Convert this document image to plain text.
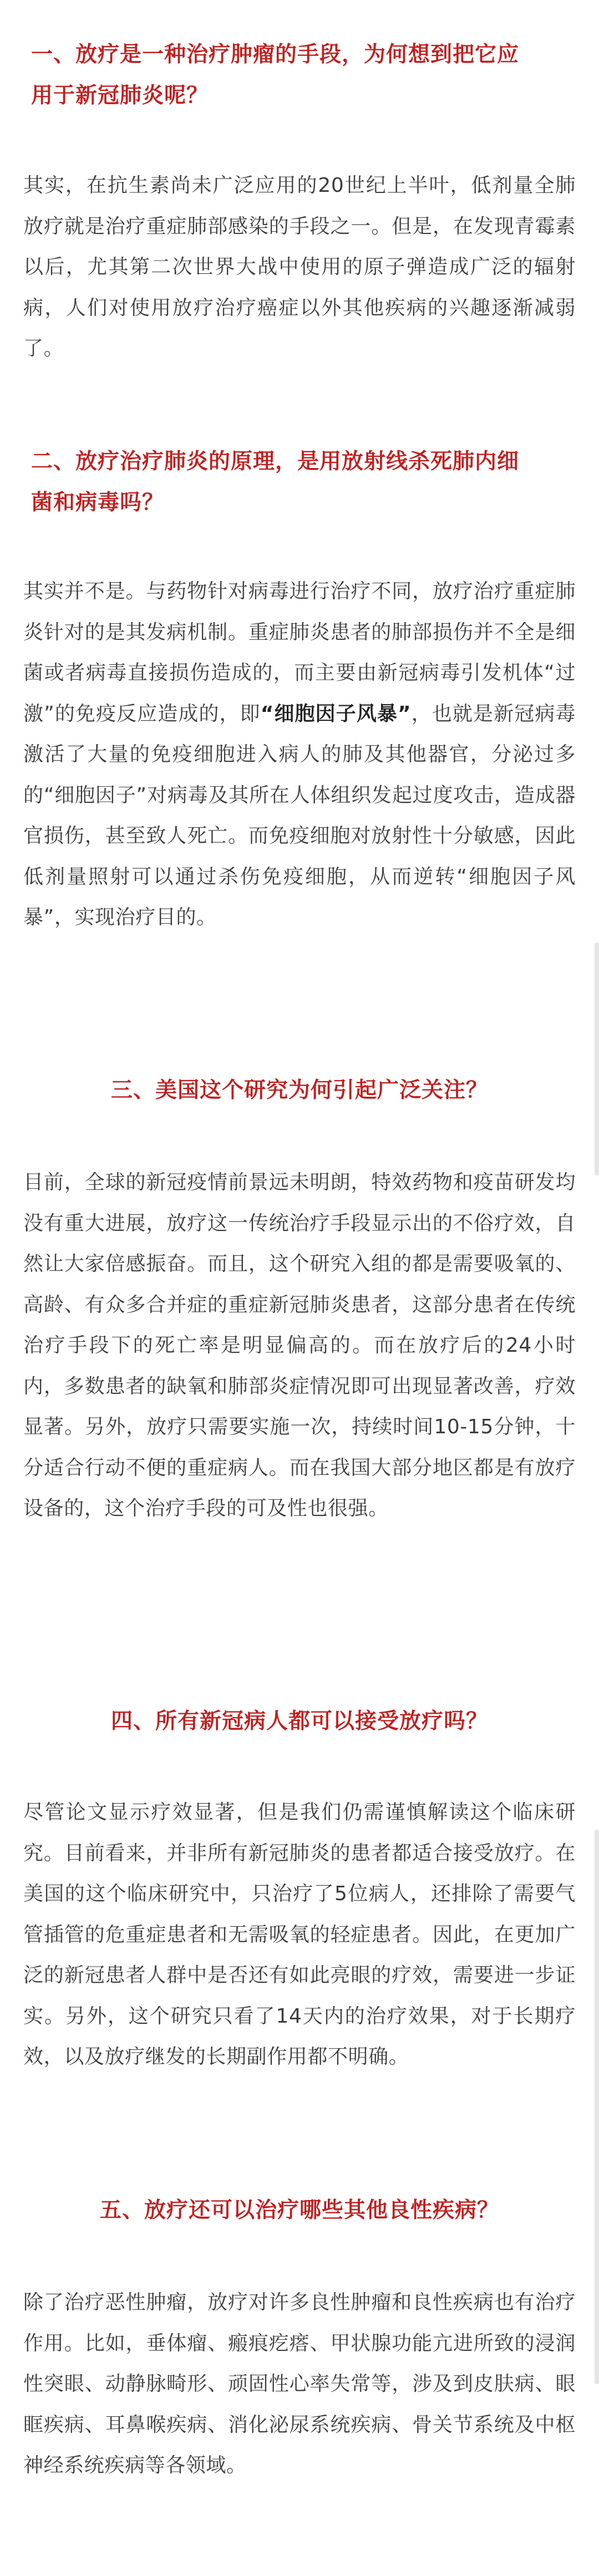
一、放疗是一种治疗肿瘤的手段，为何想到把它应
用于新冠肺炎呢？

其实，在抗生素尚未广泛应用的20世纪上半叶，低剂量全肺放疗就是治疗重症肺部感染的手段之一。但是，在发现青霉素以后，尤其第二次世界大战中使用的原子弹造成广泛的辐射病，人们对使用放疗治疗癌症以外其他疾病的兴趣逐渐减弱了。

二、放疗治疗肺炎的原理，是用放射线杀死肺内细
菌和病毒吗？

其实并不是。与药物针对病毒进行治疗不同，放疗治疗重症肺炎针对的是其发病机制。重症肺炎患者的肺部损伤并不全是细菌或者病毒直接损伤造成的，而主要由新冠病毒引发机体“过激”的免疫反应造成的，即“细胞因子风暴”，也就是新冠病毒激活了大量的免疫细胞进入病人的肺及其他器官，分泌过多的“细胞因子”对病毒及其所在人体组织发起过度攻击，造成器官损伤，甚至致人死亡。而免疫细胞对放射性十分敏感，因此低剂量照射可以通过杀伤免疫细胞，从而逆转“细胞因子风暴”，实现治疗目的。

三、美国这个研究为何引起广泛关注？

目前，全球的新冠疫情前景远未明朗，特效药物和疫苗研发均没有重大进展，放疗这一传统治疗手段显示出的不俗疗效，自然让大家倍感振奋。而且，这个研究入组的都是需要吸氧的、高龄、有众多合并症的重症新冠肺炎患者，这部分患者在传统治疗手段下的死亡率是明显偏高的。而在放疗后的24小时内，多数患者的缺氧和肺部炎症情况即可出现显著改善，疗效显著。另外，放疗只需要实施一次，持续时间10-15分钟，十分适合行动不便的重症病人。而在我国大部分地区都是有放疗设备的，这个治疗手段的可及性也很强。

四、所有新冠病人都可以接受放疗吗？

尽管论文显示疗效显著，但是我们仍需谨慎解读这个临床研究。目前看来，并非所有新冠肺炎的患者都适合接受放疗。在美国的这个临床研究中，只治疗了5位病人，还排除了需要气管插管的危重症患者和无需吸氧的轻症患者。因此，在更加广泛的新冠患者人群中是否还有如此亮眼的疗效，需要进一步证实。另外，这个研究只看了14天内的治疗效果，对于长期疗效，以及放疗继发的长期副作用都不明确。

五、放疗还可以治疗哪些其他良性疾病？

除了治疗恶性肿瘤，放疗对许多良性肿瘤和良性疾病也有治疗作用。比如，垂体瘤、瘢痕疙瘩、甲状腺功能亢进所致的浸润性突眼、动静脉畸形、顽固性心率失常等，涉及到皮肤病、眼眶疾病、耳鼻喉疾病、消化泌尿系统疾病、骨关节系统及中枢神经系统疾病等各领域。
